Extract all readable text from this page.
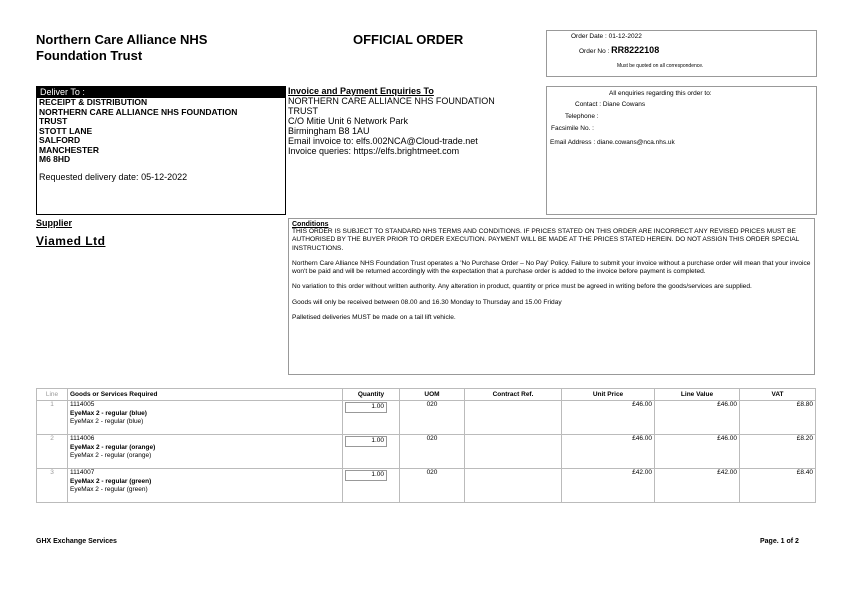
Northern Care Alliance NHS
Foundation Trust
OFFICIAL ORDER	Order Date : 01-12-2022
Order No : RR8222108
Must be quoted on all correspondence.
Deliver To :
RECEIPT & DISTRIBUTION
NORTHERN CARE ALLIANCE NHS FOUNDATION
TRUST
STOTT LANE
SALFORD
MANCHESTER
M6 8HD
Requested delivery date: 05-12-2022
Invoice and Payment Enquiries To
NORTHERN CARE ALLIANCE NHS FOUNDATION
TRUST
C/O Mitie Unit 6 Network Park
Birmingham B8 1AU
Email invoice to: elfs.002NCA@Cloud-trade.net
Invoice queries: https://elfs.brightmeet.com
All enquiries regarding this order to:
Contact : Diane Cowans
Telephone :
Facsimile No. :
Email Address : diane.cowans@nca.nhs.uk
Supplier
Viamed Ltd
Conditions

THIS ORDER IS SUBJECT TO STANDARD NHS TERMS AND CONDITIONS. IF PRICES STATED ON THIS ORDER ARE INCORRECT ANY REVISED PRICES MUST BE AUTHORISED BY THE BUYER PRIOR TO ORDER EXECUTION. PAYMENT WILL BE MADE AT THE PRICES STATED HEREIN. DO NOT ASSIGN THIS ORDER SPECIAL INSTRUCTIONS.

Northern Care Alliance NHS Foundation Trust operates a 'No Purchase Order – No Pay' Policy. Failure to submit your invoice without a purchase order will mean that your invoice won't be paid and will be returned accordingly with the expectation that a purchase order is added to the invoice before payment is completed.

No variation to this order without written authority. Any alteration in product, quantity or price must be agreed in writing before the goods/services are supplied.

Goods will only be received between 08.00 and 16.30 Monday to Thursday and 15.00 Friday

Palletised deliveries MUST be made on a tail lift vehicle.

Line	Goods or Services Required	Quantity	UOM	Contract Ref.	Unit Price	Line Value	VAT
1	1114005
EyeMax 2 - regular (blue)
EyeMax 2 - regular (blue)	1.00	020		£46.00	£46.00	£8.80
2	1114006
EyeMax 2 - regular (orange)
EyeMax 2 - regular (orange)	1.00	020		£46.00	£46.00	£8.20
3	1114007
EyeMax 2 - regular (green)
EyeMax 2 - regular (green)	1.00	020		£42.00	£42.00	£8.40
GHX Exchange Services	Page. 1 of 2
